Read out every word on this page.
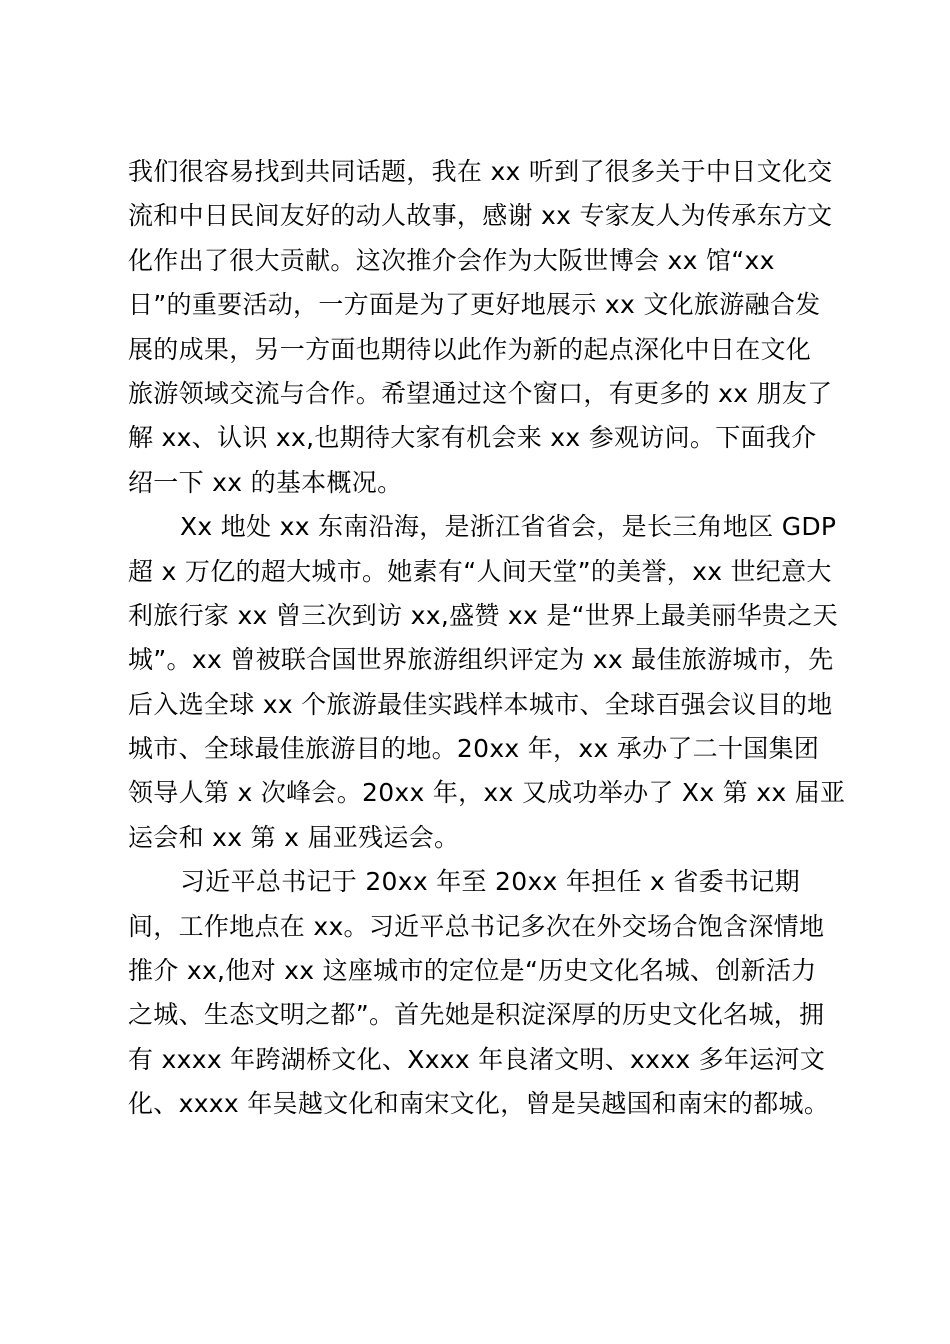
我们很容易找到共同话题，我在 xx 听到了很多关于中日文化交
流和中日民间友好的动人故事，感谢 xx 专家友人为传承东方文
化作出了很大贡献。这次推介会作为大阪世博会 xx 馆“xx
日”的重要活动，一方面是为了更好地展示 xx 文化旅游融合发
展的成果，另一方面也期待以此作为新的起点深化中日在文化
旅游领域交流与合作。希望通过这个窗口，有更多的 xx 朋友了
解 xx、认识 xx,也期待大家有机会来 xx 参观访问。下面我介
绍一下 xx 的基本概况。
Xx 地处 xx 东南沿海，是浙江省省会，是长三角地区 GDP
超 x 万亿的超大城市。她素有“人间天堂”的美誉，xx 世纪意大
利旅行家 xx 曾三次到访 xx,盛赞 xx 是“世界上最美丽华贵之天
城”。xx 曾被联合国世界旅游组织评定为 xx 最佳旅游城市，先
后入选全球 xx 个旅游最佳实践样本城市、全球百强会议目的地
城市、全球最佳旅游目的地。20xx 年，xx 承办了二十国集团
领导人第 x 次峰会。20xx 年，xx 又成功举办了 Xx 第 xx 届亚
运会和 xx 第 x 届亚残运会。
习近平总书记于 20xx 年至 20xx 年担任 x 省委书记期
间，工作地点在 xx。习近平总书记多次在外交场合饱含深情地
推介 xx,他对 xx 这座城市的定位是“历史文化名城、创新活力
之城、生态文明之都”。首先她是积淀深厚的历史文化名城，拥
有 xxxx 年跨湖桥文化、Xxxx 年良渚文明、xxxx 多年运河文
化、xxxx 年吴越文化和南宋文化，曾是吴越国和南宋的都城。
